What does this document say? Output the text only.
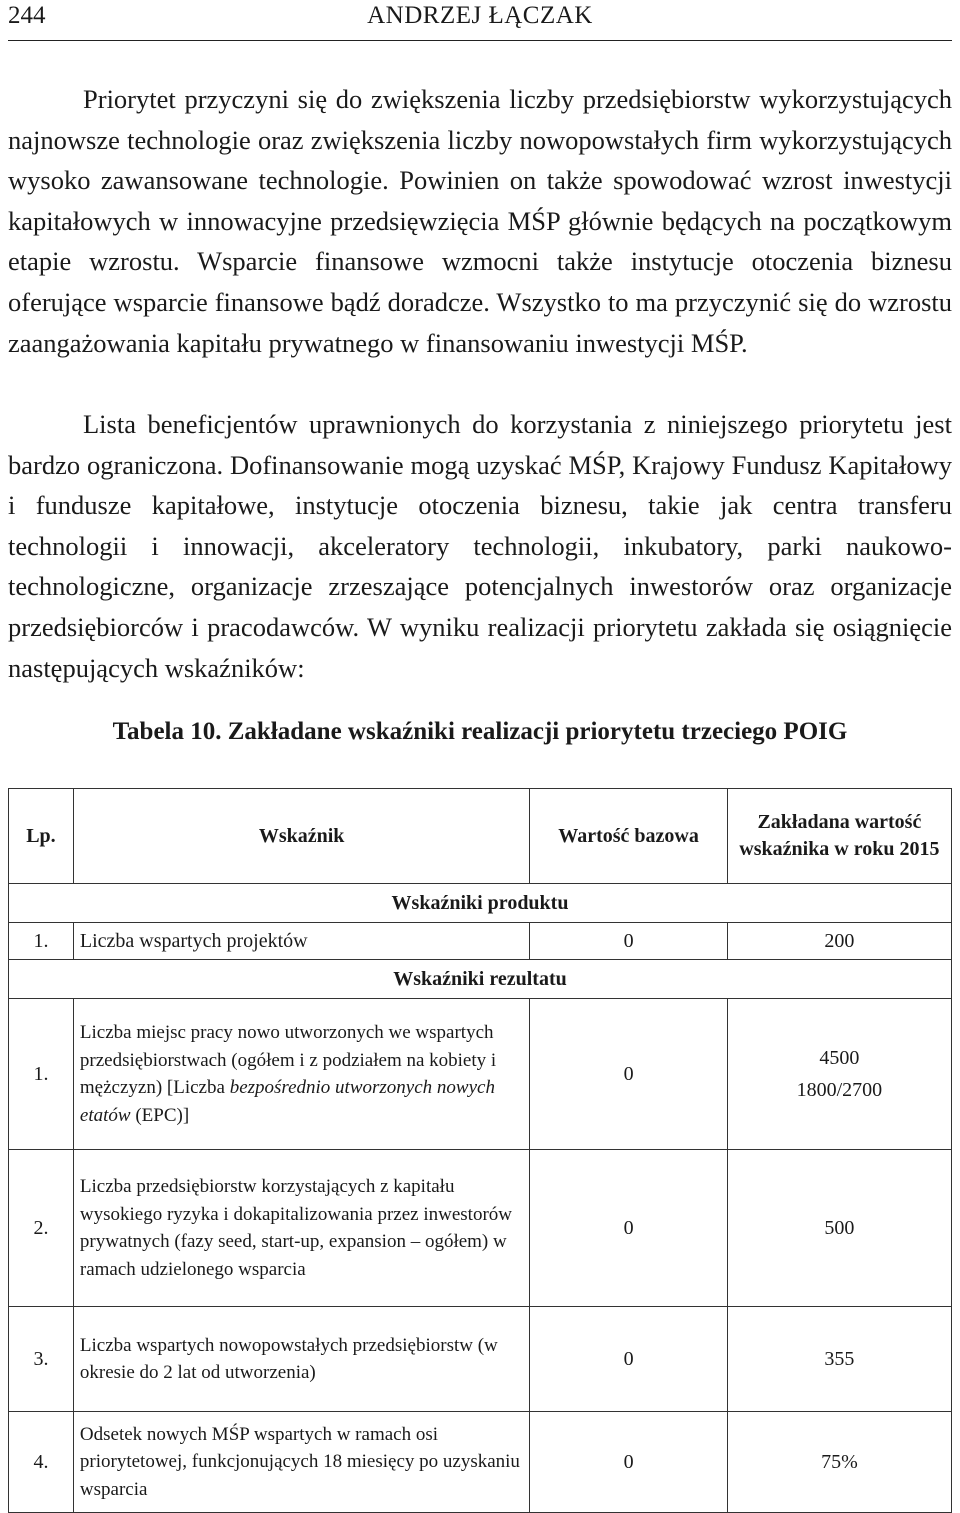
244	ANDRZEJ ŁĄCZAK

Priorytet przyczyni się do zwiększenia liczby przedsiębiorstw wykorzystujących najnowsze technologie oraz zwiększenia liczby nowopowstałych firm wykorzystujących wysoko zawansowane technologie. Powinien on także spowodować wzrost inwestycji kapitałowych w innowacyjne przedsięwzięcia MŚP głównie będących na początkowym etapie wzrostu. Wsparcie finansowe wzmocni także instytucje otoczenia biznesu oferujące wsparcie finansowe bądź doradcze. Wszystko to ma przyczynić się do wzrostu zaangażowania kapitału prywatnego w finansowaniu inwestycji MŚP.

Lista beneficjentów uprawnionych do korzystania z niniejszego priorytetu jest bardzo ograniczona. Dofinansowanie mogą uzyskać MŚP, Krajowy Fundusz Kapitałowy i fundusze kapitałowe, instytucje otoczenia biznesu, takie jak centra transferu technologii i innowacji, akceleratory technologii, inkubatory, parki naukowo-technologiczne, organizacje zrzeszające potencjalnych inwestorów oraz organizacje przedsiębiorców i pracodawców. W wyniku realizacji priorytetu zakłada się osiągnięcie następujących wskaźników:

Tabela 10. Zakładane wskaźniki realizacji priorytetu trzeciego POIG
Lp.	Wskaźnik	Wartość bazowa	Zakładana wartość wskaźnika w roku 2015
Wskaźniki produktu			
1.	Liczba wspartych projektów	0	200
Wskaźniki rezultatu			
1.	Liczba miejsc pracy nowo utworzonych we wspartych przedsiębiorstwach (ogółem i z podziałem na kobiety i mężczyzn) [Liczba bezpośrednio utworzonych nowych etatów (EPC)]	0	4500
1800/2700

2.	Liczba przedsiębiorstw korzystających z kapitału wysokiego ryzyka i dokapitalizowania przez inwestorów prywatnych (fazy seed, start-up, expansion – ogółem) w ramach udzielonego wsparcia	0	500
3.	Liczba wspartych nowopowstałych przedsiębiorstw (w okresie do 2 lat od utworzenia)	0	355
4.	Odsetek nowych MŚP wspartych w ramach osi priorytetowej, funkcjonujących 18 miesięcy po uzyskaniu wsparcia	0	75%
